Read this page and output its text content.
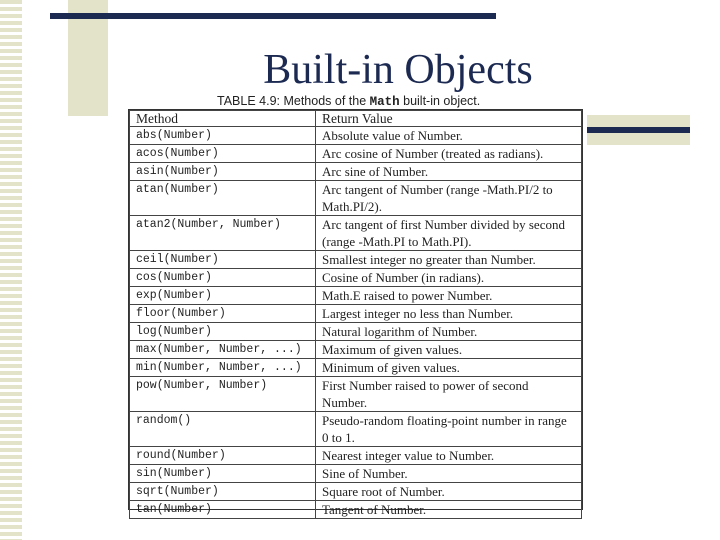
Built-in Objects
TABLE 4.9: Methods of the Math built-in object.
Method	Return Value
abs(Number)	Absolute value of Number.
acos(Number)	Arc cosine of Number (treated as radians).
asin(Number)	Arc sine of Number.
atan(Number)	Arc tangent of Number (range -Math.PI/2 to Math.PI/2).
atan2(Number, Number)	Arc tangent of first Number divided by second (range -Math.PI to Math.PI).
ceil(Number)	Smallest integer no greater than Number.
cos(Number)	Cosine of Number (in radians).
exp(Number)	Math.E raised to power Number.
floor(Number)	Largest integer no less than Number.
log(Number)	Natural logarithm of Number.
max(Number, Number, ...)	Maximum of given values.
min(Number, Number, ...)	Minimum of given values.
pow(Number, Number)	First Number raised to power of second Number.
random()	Pseudo-random floating-point number in range 0 to 1.
round(Number)	Nearest integer value to Number.
sin(Number)	Sine of Number.
sqrt(Number)	Square root of Number.
tan(Number)	Tangent of Number.
